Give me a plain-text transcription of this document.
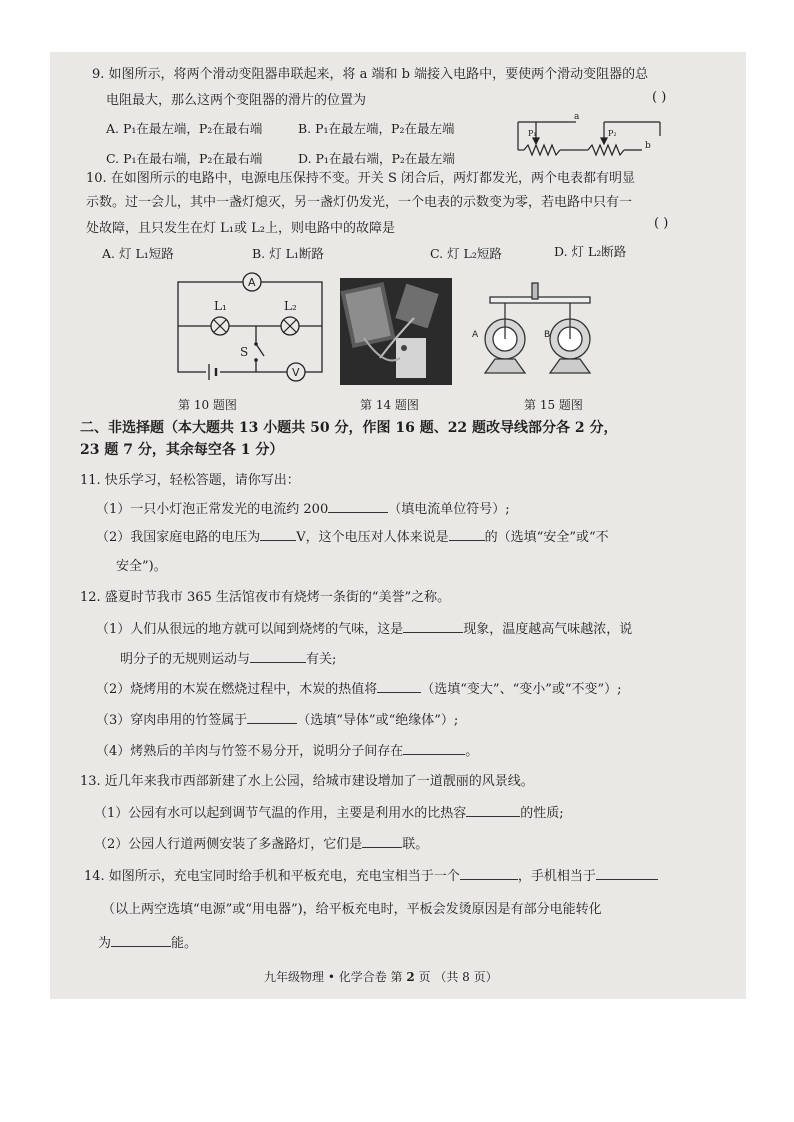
9. 如图所示，将两个滑动变阻器串联起来，将 a 端和 b 端接入电路中，要使两个滑动变阻器的总
电阻最大，那么这两个变阻器的滑片的位置为	( )
A. P₁在最左端，P₂在最右端	B. P₁在最左端，P₂在最左端
C. P₁在最右端，P₂在最右端	D. P₁在最右端，P₂在最左端
a
b
P₁	P₂
10. 在如图所示的电路中，电源电压保持不变。开关 S 闭合后，两灯都发光，两个电表都有明显
示数。过一会儿，其中一盏灯熄灭，另一盏灯仍发光，一个电表的示数变为零，若电路中只有一
处故障，且只发生在灯 L₁或 L₂上，则电路中的故障是	( )
A. 灯 L₁短路	B. 灯 L₁断路	C. 灯 L₂短路	D. 灯 L₂断路
A
L₁	L₂
S
V
A	B
第 10 题图	第 14 题图	第 15 题图
二、非选择题（本大题共 13 小题共 50 分，作图 16 题、22 题改导线部分各 2 分，
23 题 7 分，其余每空各 1 分）
11. 快乐学习，轻松答题，请你写出：
（1）一只小灯泡正常发光的电流约 200	（填电流单位符号）;
（2）我国家庭电路的电压为	V，这个电压对人体来说是	的（选填“安全”或“不
安全”)。
12. 盛夏时节我市 365 生活馆夜市有烧烤一条街的“美誉”之称。
（1）人们从很远的地方就可以闻到烧烤的气味，这是	现象，温度越高气味越浓，说
明分子的无规则运动与	有关;
（2）烧烤用的木炭在燃烧过程中，木炭的热值将	（选填“变大”、“变小”或“不变”）;
（3）穿肉串用的竹签属于	（选填“导体”或“绝缘体”）;
（4）烤熟后的羊肉与竹签不易分开，说明分子间存在	。
13. 近几年来我市西部新建了水上公园，给城市建设增加了一道靓丽的风景线。
（1）公园有水可以起到调节气温的作用，主要是利用水的比热容	的性质;
（2）公园人行道两侧安装了多盏路灯，它们是	联。
14. 如图所示，充电宝同时给手机和平板充电，充电宝相当于一个	，手机相当于
（以上两空选填“电源”或“用电器”)，给平板充电时，平板会发烫原因是有部分电能转化
为	能。
九年级物理 • 化学合卷 第 2 页 （共 8 页）
